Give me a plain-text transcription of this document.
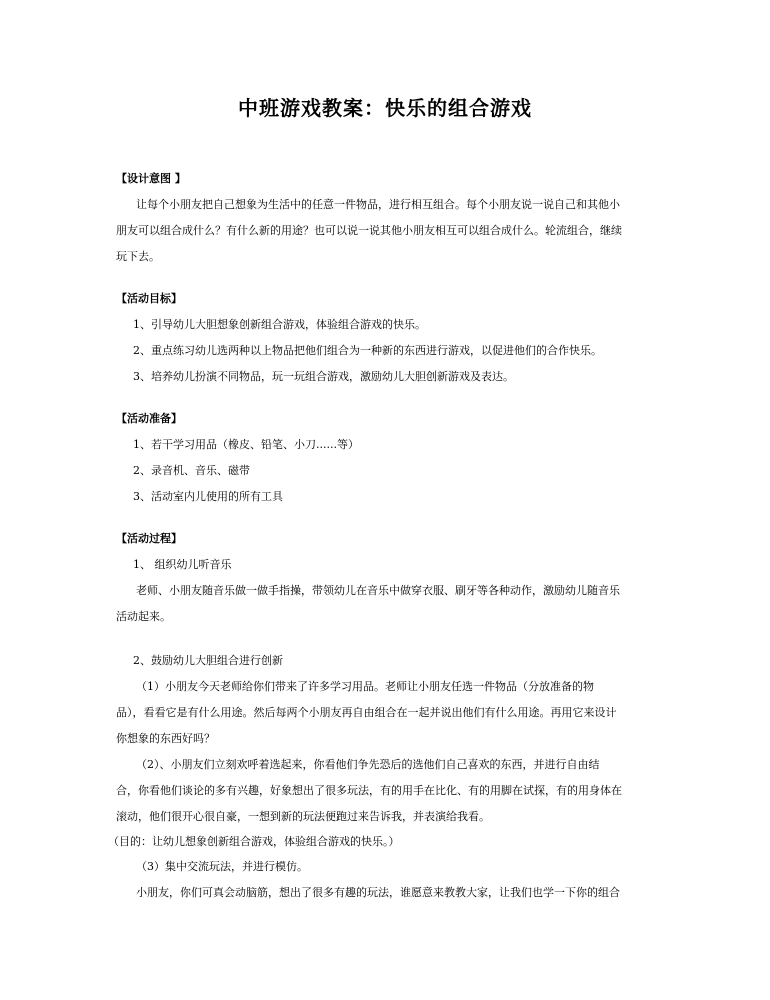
中班游戏教案：快乐的组合游戏
【设计意图 】
让每个小朋友把自己想象为生活中的任意一件物品，进行相互组合。每个小朋友说一说自己和其他小
朋友可以组合成什么？有什么新的用途？也可以说一说其他小朋友相互可以组合成什么。轮流组合，继续
玩下去。
【活动目标】
1、引导幼儿大胆想象创新组合游戏，体验组合游戏的快乐。
2、重点练习幼儿选两种以上物品把他们组合为一种新的东西进行游戏，以促进他们的合作快乐。
3、培养幼儿扮演不同物品，玩一玩组合游戏，激励幼儿大胆创新游戏及表达。
【活动准备】
1、若干学习用品（橡皮、铅笔、小刀......等）
2、录音机、音乐、磁带
3、活动室内儿使用的所有工具
【活动过程】
1、 组织幼儿听音乐
老师、小朋友随音乐做一做手指操，带领幼儿在音乐中做穿衣服、刷牙等各种动作，激励幼儿随音乐
活动起来。
2、鼓励幼儿大胆组合进行创新
（1）小朋友今天老师给你们带来了许多学习用品。老师让小朋友任选一件物品（分放准备的物
品），看看它是有什么用途。然后每两个小朋友再自由组合在一起并说出他们有什么用途。再用它来设计
你想象的东西好吗？
（2）、小朋友们立刻欢呼着选起来，你看他们争先恐后的选他们自己喜欢的东西，并进行自由结
合，你看他们谈论的多有兴趣，好象想出了很多玩法，有的用手在比化、有的用脚在试探，有的用身体在
滚动，他们很开心很自豪，一想到新的玩法便跑过来告诉我，并表演给我看。
（目的：让幼儿想象创新组合游戏，体验组合游戏的快乐。）
（3）集中交流玩法，并进行模仿。
小朋友，你们可真会动脑筋，想出了很多有趣的玩法，谁愿意来教教大家，让我们也学一下你的组合
